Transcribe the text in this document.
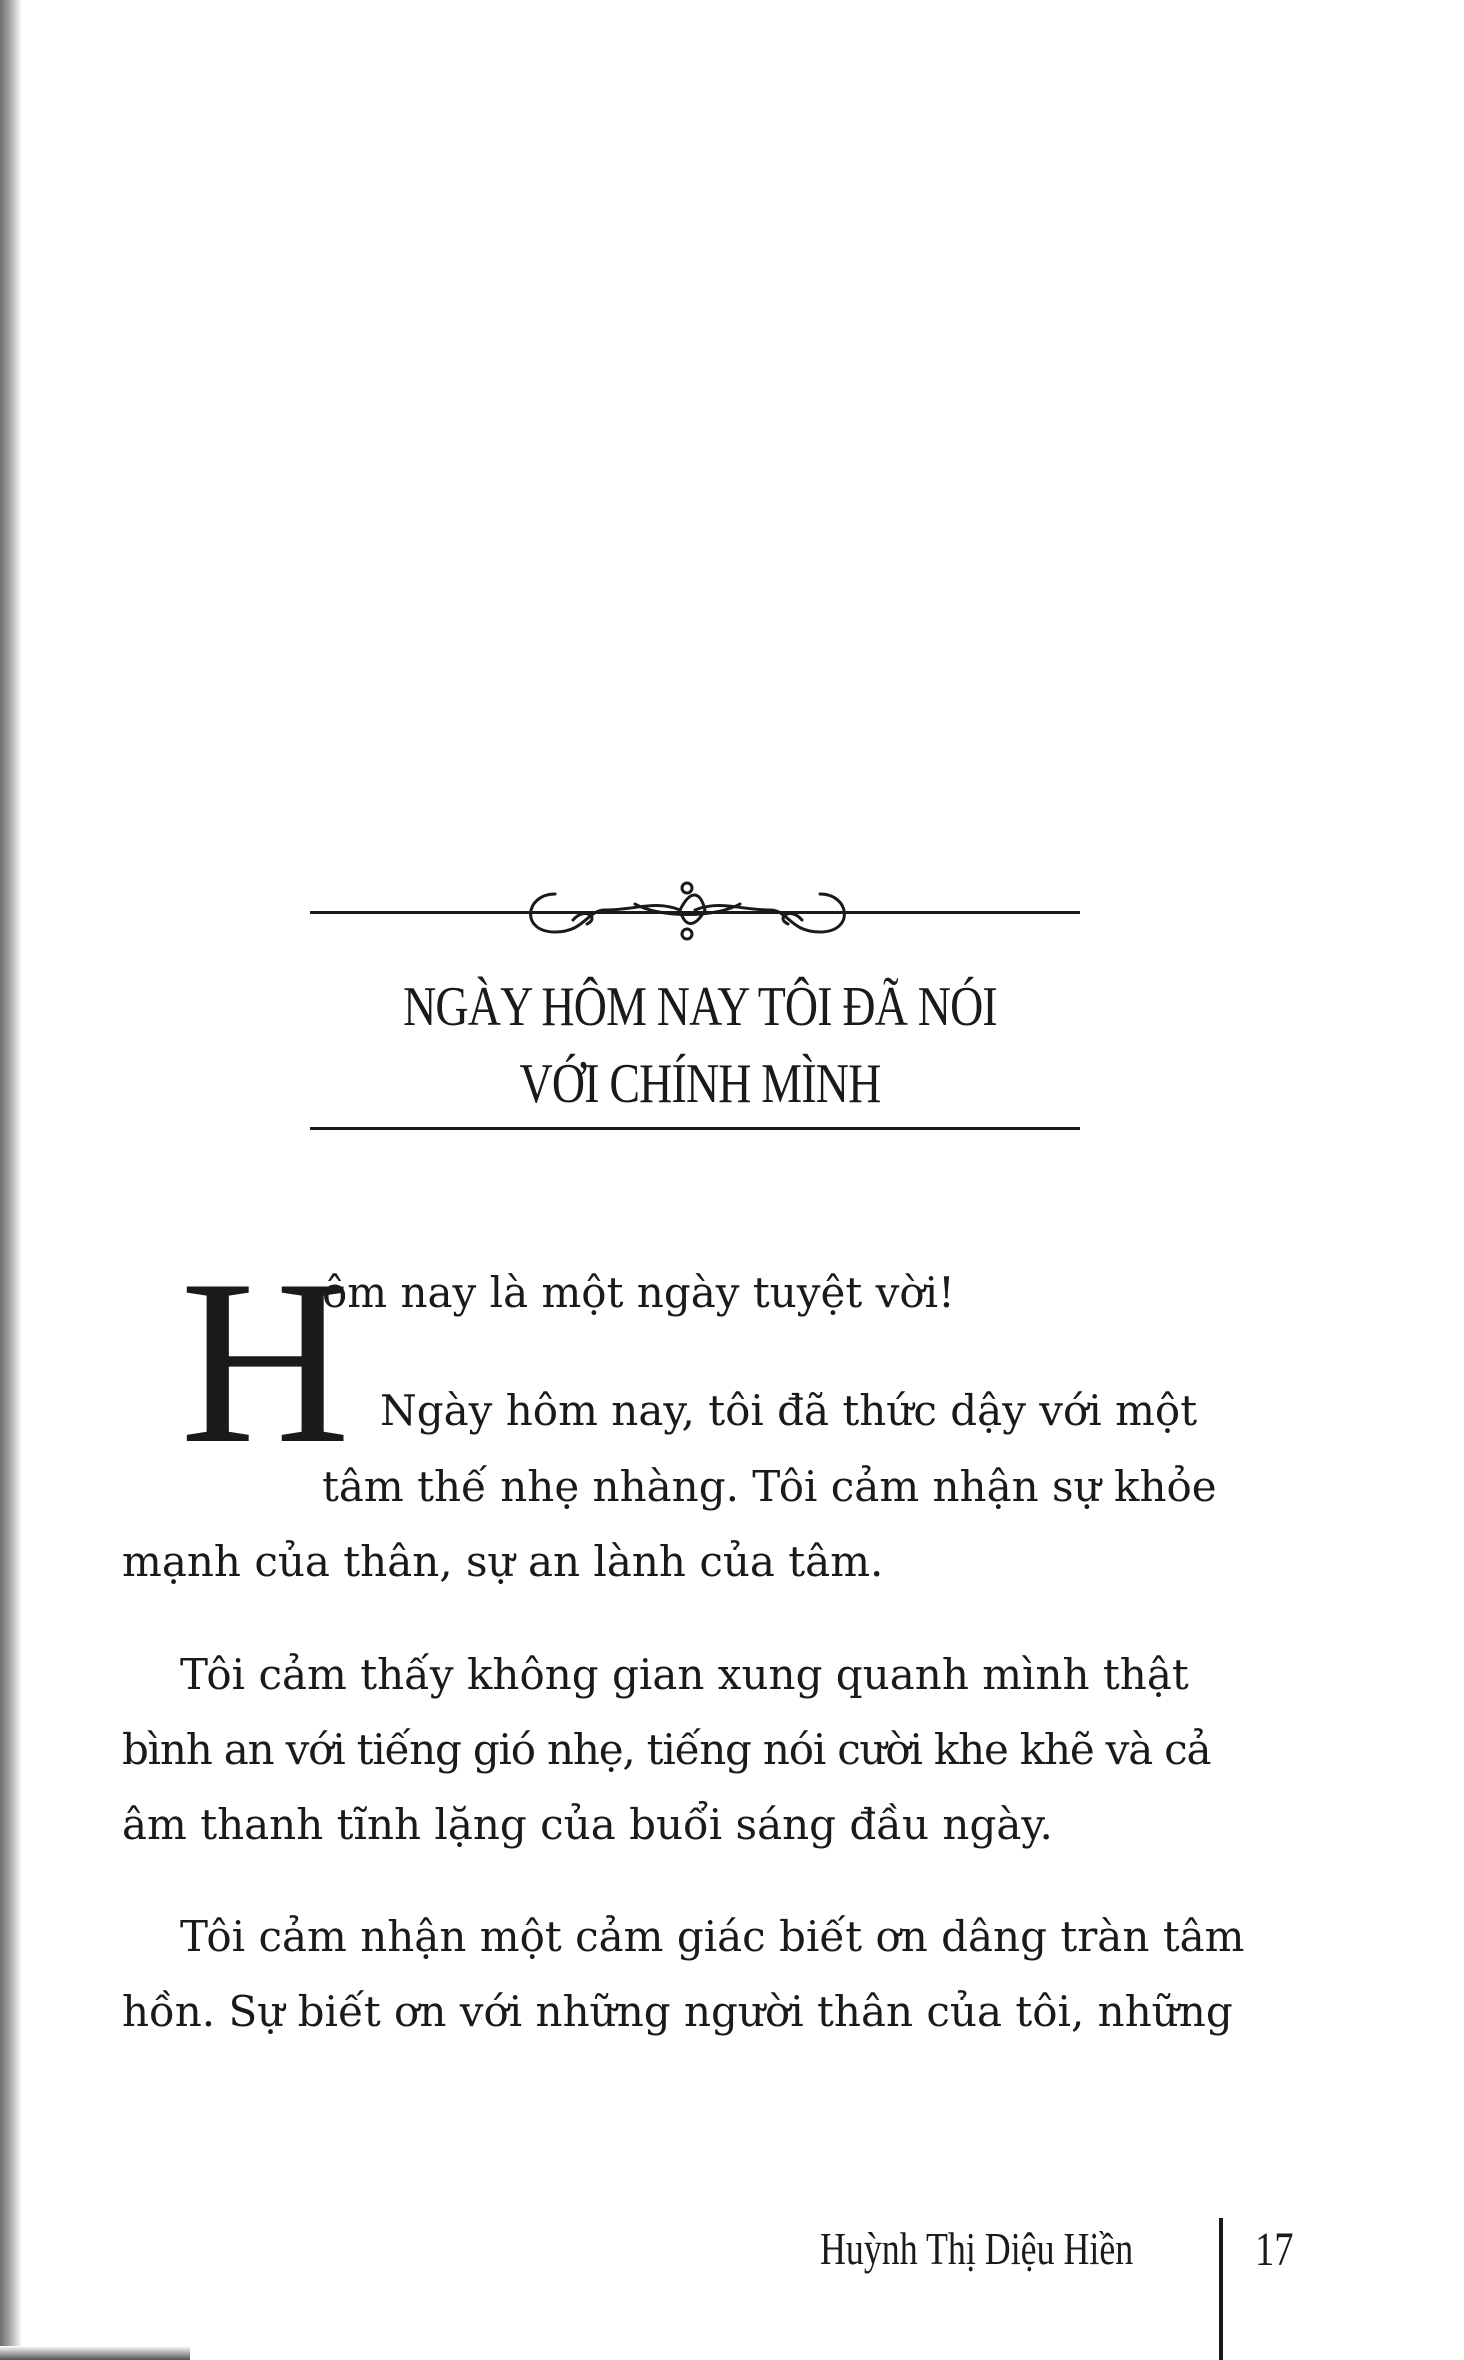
NGÀY HÔM NAY TÔI ĐÃ NÓI
VỚI CHÍNH MÌNH
H

ôm nay là một ngày tuyệt vời!

Ngày hôm nay, tôi đã thức dậy với một

tâm thế nhẹ nhàng. Tôi cảm nhận sự khỏe

mạnh của thân, sự an lành của tâm.

Tôi cảm thấy không gian xung quanh mình thật

bình an với tiếng gió nhẹ, tiếng nói cười khe khẽ và cả

âm thanh tĩnh lặng của buổi sáng đầu ngày.

Tôi cảm nhận một cảm giác biết ơn dâng tràn tâm

hồn. Sự biết ơn với những người thân của tôi, những

Huỳnh Thị Diệu Hiền	17
